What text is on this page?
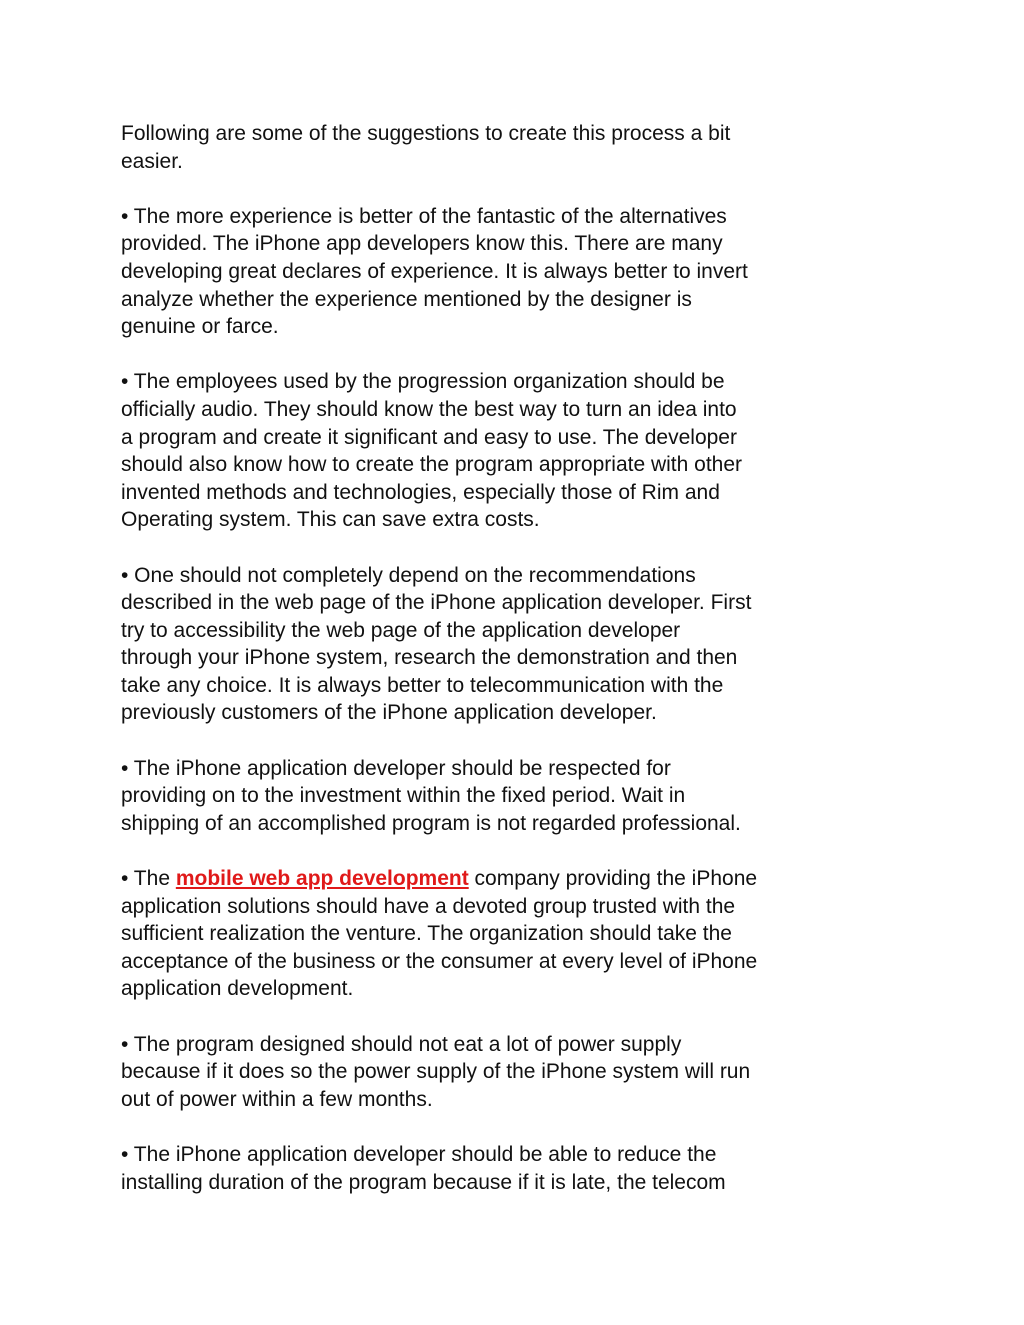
Following are some of the suggestions to create this process a bit
easier.

• The more experience is better of the fantastic of the alternatives
provided. The iPhone app developers know this. There are many
developing great declares of experience. It is always better to invert
analyze whether the experience mentioned by the designer is
genuine or farce.

• The employees used by the progression organization should be
officially audio. They should know the best way to turn an idea into
a program and create it significant and easy to use. The developer
should also know how to create the program appropriate with other
invented methods and technologies, especially those of Rim and
Operating system. This can save extra costs.

• One should not completely depend on the recommendations
described in the web page of the iPhone application developer. First
try to accessibility the web page of the application developer
through your iPhone system, research the demonstration and then
take any choice. It is always better to telecommunication with the
previously customers of the iPhone application developer.

• The iPhone application developer should be respected for
providing on to the investment within the fixed period. Wait in
shipping of an accomplished program is not regarded professional.

• The mobile web app development company providing the iPhone
application solutions should have a devoted group trusted with the
sufficient realization the venture. The organization should take the
acceptance of the business or the consumer at every level of iPhone
application development.

• The program designed should not eat a lot of power supply
because if it does so the power supply of the iPhone system will run
out of power within a few months.

• The iPhone application developer should be able to reduce the
installing duration of the program because if it is late, the telecom
